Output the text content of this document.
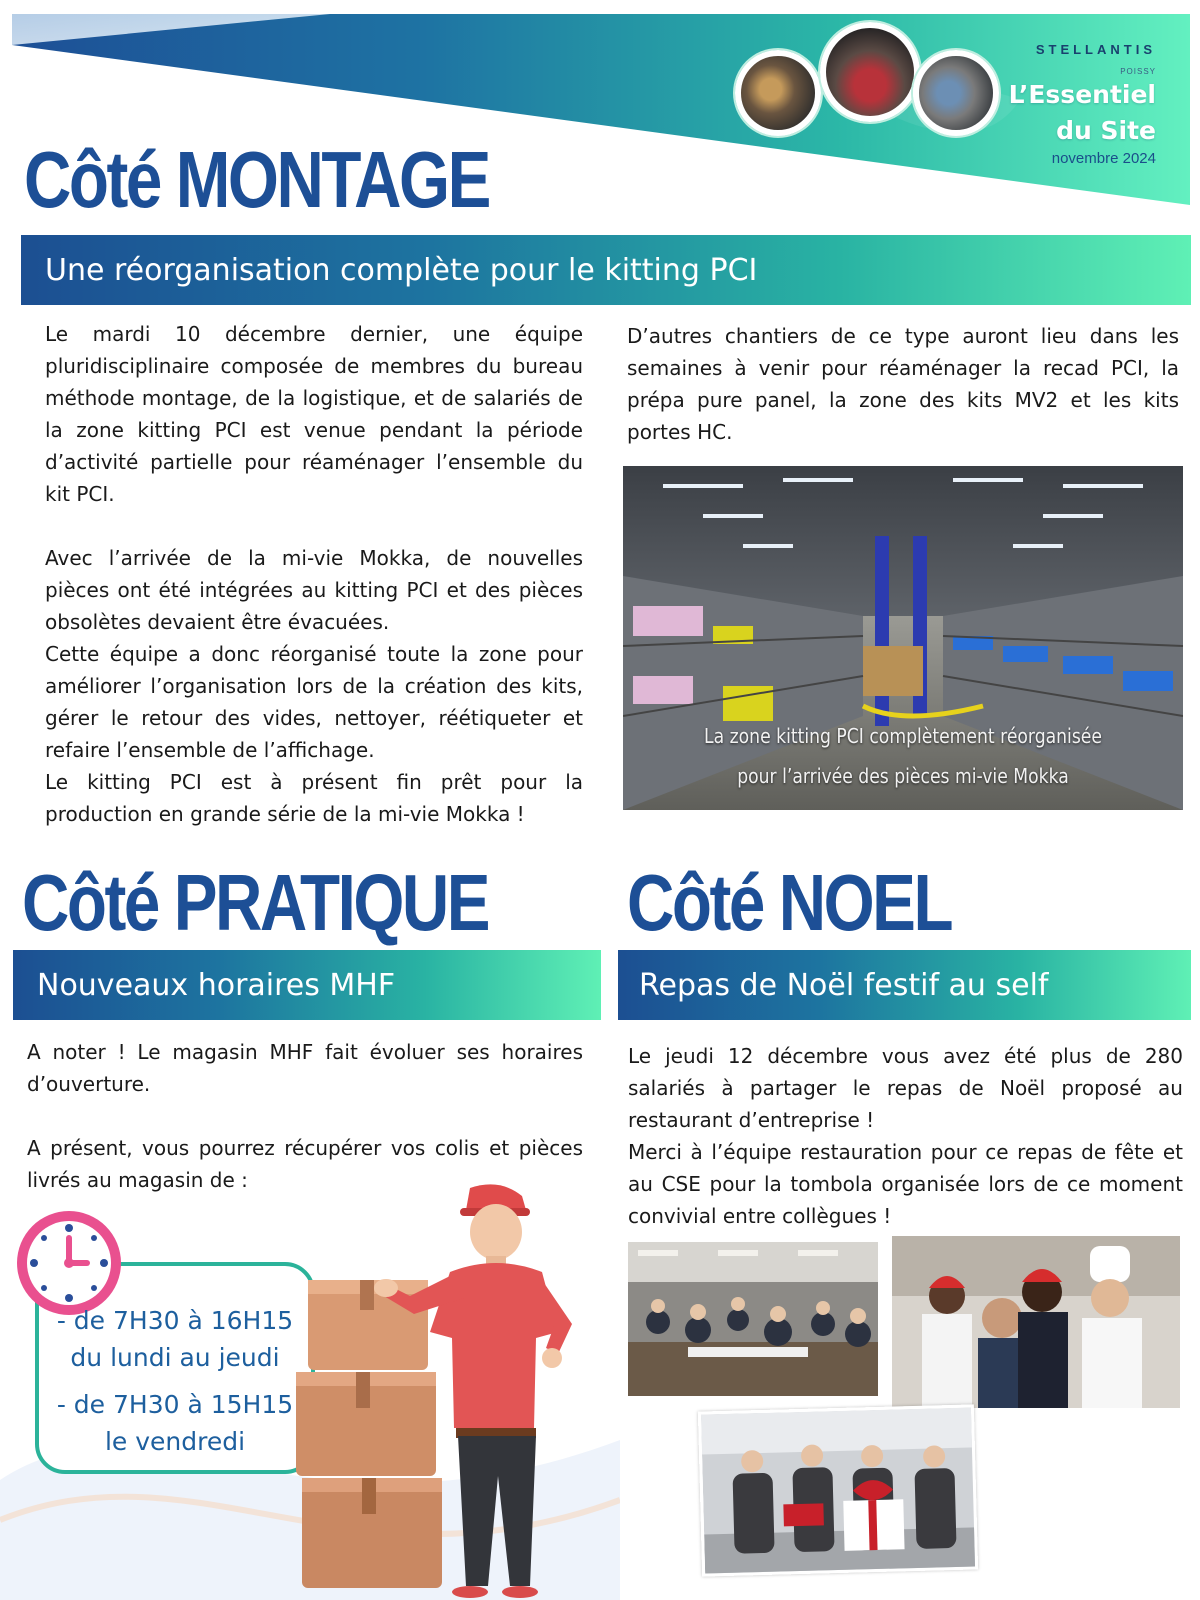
STELLANTIS
POISSY
L’Essentiel
du Site
novembre 2024
Côté MONTAGE
Une réorganisation complète pour le kitting PCI

Le mardi 10 décembre dernier, une équipe pluridisciplinaire composée de membres du bureau méthode montage, de la logistique, et de salariés de la zone kitting PCI est venue pendant la période d’activité partielle pour réaménager l’ensemble du kit PCI.

Avec l’arrivée de la mi-vie Mokka, de nouvelles pièces ont été intégrées au kitting PCI et des pièces obsolètes devaient être évacuées.

Cette équipe a donc réorganisé toute la zone pour améliorer l’organisation lors de la création des kits, gérer le retour des vides, nettoyer, réétiqueter et refaire l’ensemble de l’affichage.

Le kitting PCI est à présent fin prêt pour la production en grande série de la mi-vie Mokka !

D’autres chantiers de ce type auront lieu dans les semaines à venir pour réaménager la recad PCI, la prépa pure panel, la zone des kits MV2 et les kits portes HC.

La zone kitting PCI complètement réorganisée
pour l’arrivée des pièces mi-vie Mokka
Côté PRATIQUE
Nouveaux horaires MHF

A noter ! Le magasin MHF fait évoluer ses horaires d’ouverture.

A présent, vous pourrez récupérer vos colis et pièces livrés au magasin de :

- de 7H30 à 16H15
du lundi au jeudi
- de 7H30 à 15H15
le vendredi
Côté NOEL
Repas de Noël festif au self

Le jeudi 12 décembre vous avez été plus de 280 salariés à partager le repas de Noël proposé au restaurant d’entreprise !

Merci à l’équipe restauration pour ce repas de fête et au CSE pour la tombola organisée lors de ce moment convivial entre collègues !
